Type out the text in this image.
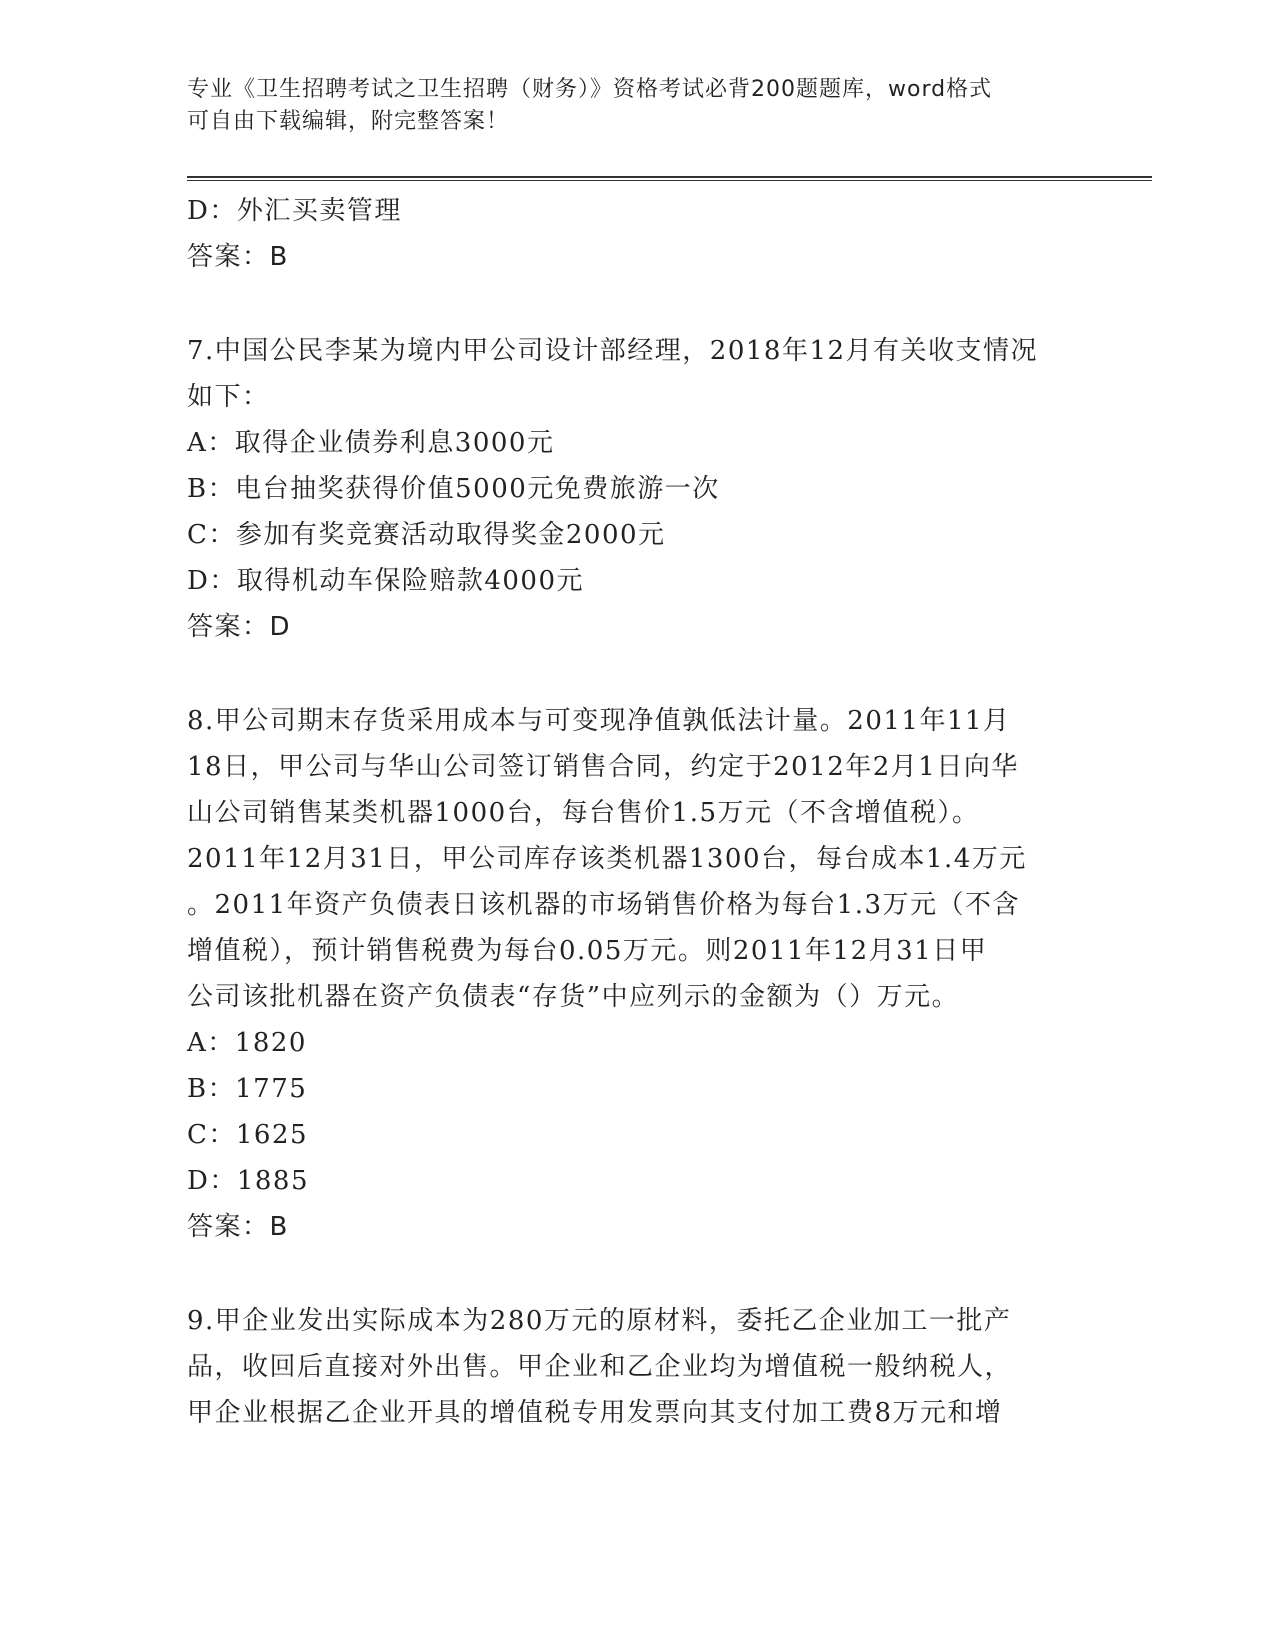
专业《卫生招聘考试之卫生招聘（财务）》资格考试必背200题题库，word格式
可自由下载编辑，附完整答案！
D：外汇买卖管理
答案：B
7.中国公民李某为境内甲公司设计部经理，2018年12月有关收支情况
如下：
A：取得企业债券利息3000元
B：电台抽奖获得价值5000元免费旅游一次
C：参加有奖竞赛活动取得奖金2000元
D：取得机动车保险赔款4000元
答案：D
8.甲公司期末存货采用成本与可变现净值孰低法计量。2011年11月
18日，甲公司与华山公司签订销售合同，约定于2012年2月1日向华
山公司销售某类机器1000台，每台售价1.5万元（不含增值税）。
2011年12月31日，甲公司库存该类机器1300台，每台成本1.4万元
。2011年资产负债表日该机器的市场销售价格为每台1.3万元（不含
增值税），预计销售税费为每台0.05万元。则2011年12月31日甲
公司该批机器在资产负债表“存货”中应列示的金额为（）万元。
A：1820
B：1775
C：1625
D：1885
答案：B
9.甲企业发出实际成本为280万元的原材料，委托乙企业加工一批产
品，收回后直接对外出售。甲企业和乙企业均为增值税一般纳税人，
甲企业根据乙企业开具的增值税专用发票向其支付加工费8万元和增
